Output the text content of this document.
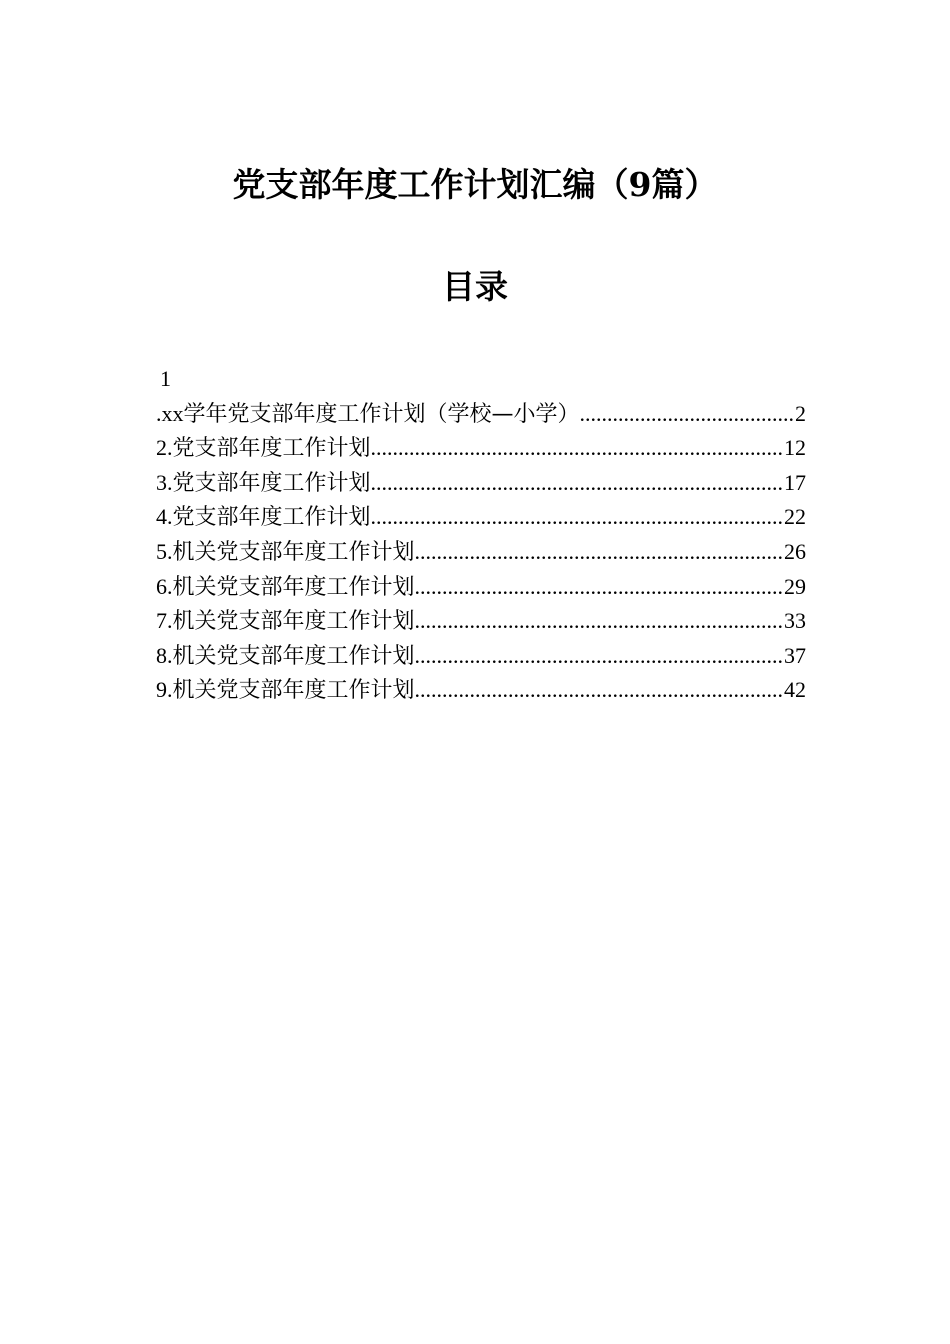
党支部年度工作计划汇编（9篇）
目录
1
.xx学年党支部年度工作计划（学校—小学） .....	2
2.党支部年度工作计划 .....	12
3.党支部年度工作计划 .....	17
4.党支部年度工作计划 .....	22
5.机关党支部年度工作计划 .....	26
6.机关党支部年度工作计划 .....	29
7.机关党支部年度工作计划 .....	33
8.机关党支部年度工作计划 .....	37
9.机关党支部年度工作计划 .....	42
